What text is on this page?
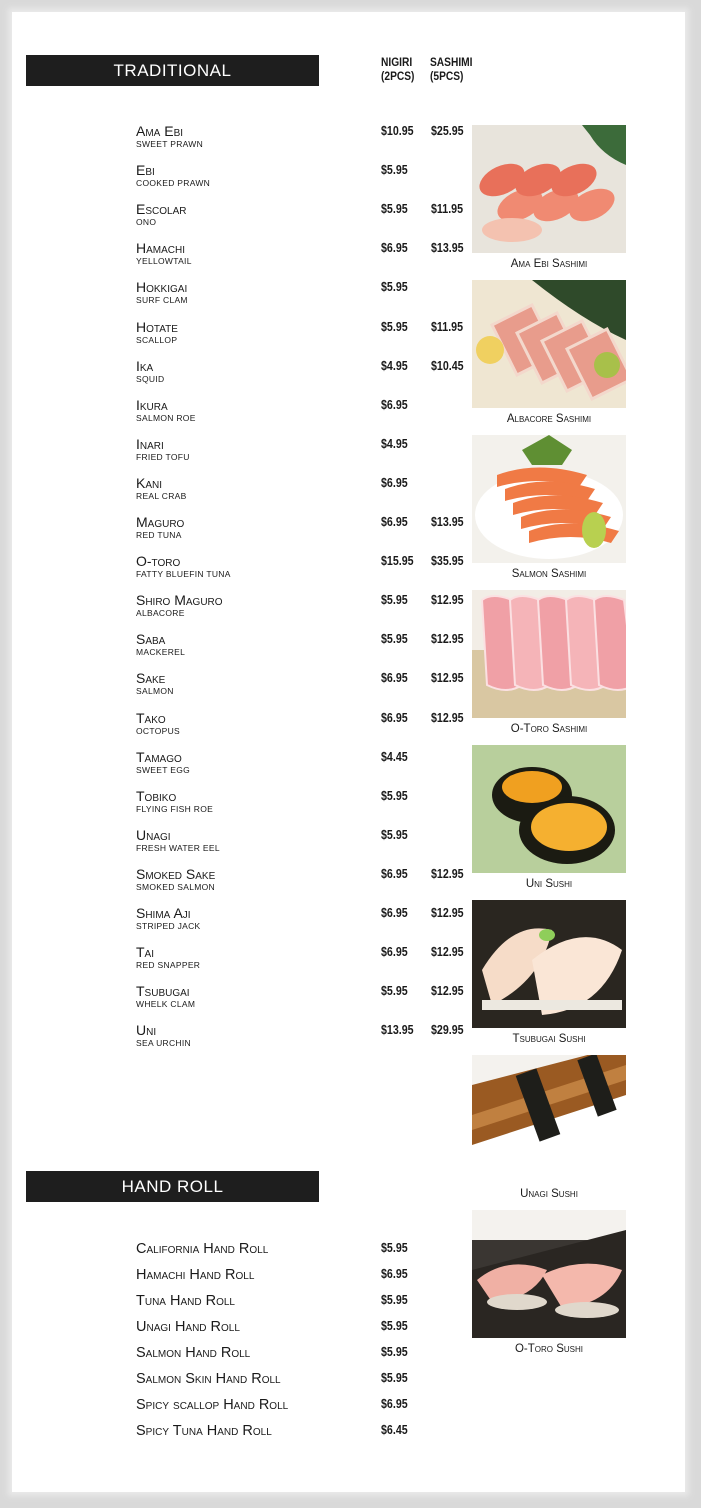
TRADITIONAL	NIGIRI
(2PCS)
SASHIMI
(5PCS)
Ama Ebi
SWEET PRAWN
$10.95 $25.95
Ebi
COOKED PRAWN
$5.95
Escolar
ONO
$5.95 $11.95
Hamachi
YELLOWTAIL
$6.95 $13.95
Hokkigai
SURF CLAM
$5.95
Hotate
SCALLOP
$5.95 $11.95
Ika
SQUID
$4.95 $10.45
Ikura
SALMON ROE
$6.95
Inari
FRIED TOFU
$4.95
Kani
REAL CRAB
$6.95
Maguro
RED TUNA
$6.95 $13.95
O-toro
FATTY BLUEFIN TUNA
$15.95 $35.95
Shiro Maguro
ALBACORE
$5.95 $12.95
Saba
MACKEREL
$5.95 $12.95
Sake
SALMON
$6.95 $12.95
Tako
OCTOPUS
$6.95 $12.95
Tamago
SWEET EGG
$4.45
Tobiko
FLYING FISH ROE
$5.95
Unagi
FRESH WATER EEL
$5.95
Smoked Sake
SMOKED SALMON
$6.95 $12.95
Shima Aji
STRIPED JACK
$6.95 $12.95
Tai
RED SNAPPER
$6.95 $12.95
Tsubugai
WHELK CLAM
$5.95 $12.95
Uni
SEA URCHIN
$13.95 $29.95
HAND ROLL
California Hand Roll	$5.95
Hamachi Hand Roll	$6.95
Tuna Hand Roll	$5.95
Unagi Hand Roll	$5.95
Salmon Hand Roll	$5.95
Salmon Skin Hand Roll	$5.95
Spicy scallop Hand Roll	$6.95
Spicy Tuna Hand Roll	$6.45
Ama Ebi Sashimi
Albacore Sashimi
Salmon Sashimi
O-Toro Sashimi
Uni Sushi
Tsubugai Sushi
Unagi Sushi
O-Toro Sushi
